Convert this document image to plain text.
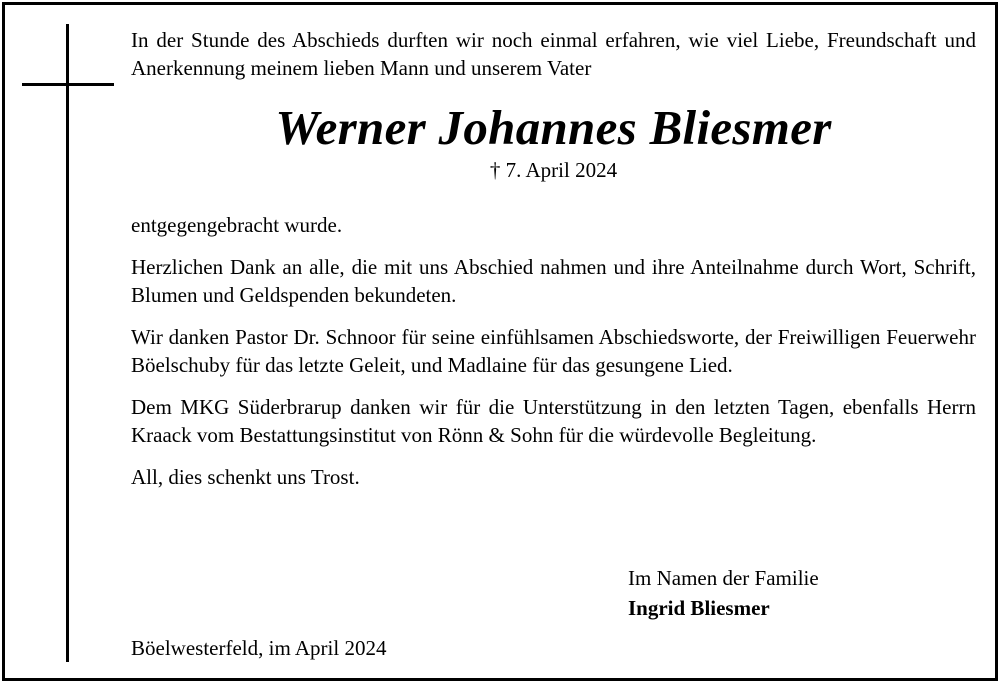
In der Stunde des Abschieds durften wir noch einmal erfahren, wie viel Liebe, Freundschaft und Anerkennung meinem lieben Mann und unserem Vater

Werner Johannes Bliesmer
† 7. April 2024

entgegengebracht wurde.

Herzlichen Dank an alle, die mit uns Abschied nahmen und ihre Anteilnahme durch Wort, Schrift, Blumen und Geldspenden bekundeten.

Wir danken Pastor Dr. Schnoor für seine einfühlsamen Abschiedsworte, der Freiwilligen Feuerwehr Böelschuby für das letzte Geleit, und Madlaine für das gesungene Lied.

Dem MKG Süderbrarup danken wir für die Unterstützung in den letzten Tagen, ebenfalls Herrn Kraack vom Bestattungsinstitut von Rönn & Sohn für die würdevolle Begleitung.

All, dies schenkt uns Trost.

Im Namen der Familie
Ingrid Bliesmer
Böelwesterfeld, im April 2024
